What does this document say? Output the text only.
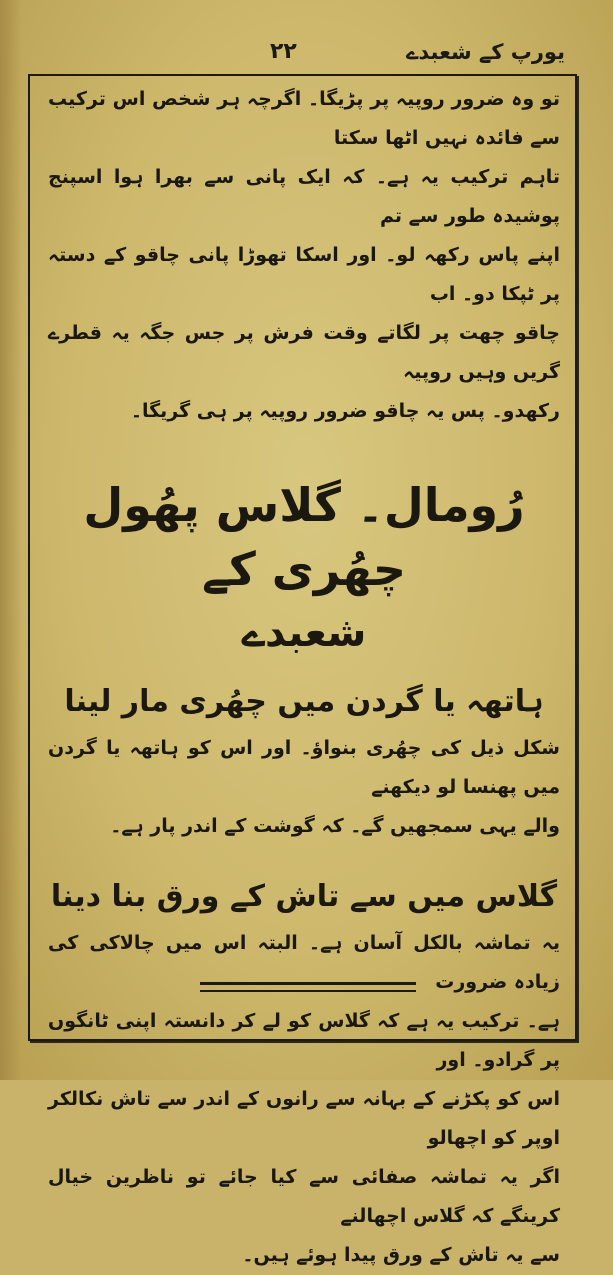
یورپ کے شعبدے
۲۲

تو وہ ضرور روپیہ پر پڑیگا۔ اگرچہ ہر شخص اس ترکیب سے فائدہ نہیں اٹھا سکتا

تاہم ترکیب یہ ہے۔ کہ ایک پانی سے بھرا ہوا اسپنج پوشیدہ طور سے تم

اپنے پاس رکھہ لو۔ اور اسکا تھوڑا پانی چاقو کے دستہ پر ٹپکا دو۔ اب

چاقو چھت پر لگاتے وقت فرش پر جس جگہ یہ قطرے گریں وہیں روپیہ

رکھدو۔ پس یہ چاقو ضرور روپیہ پر ہی گریگا۔

رُومال۔ گلاس پھُول چھُری کے
شعبدے
ہاتھہ یا گردن میں چھُری مار لینا

شکل ذیل کی چھُری بنواؤ۔ اور اس کو ہاتھہ یا گردن میں پھنسا لو دیکھنے

والے یہی سمجھیں گے۔ کہ گوشت کے اندر پار ہے۔

گلاس میں سے تاش کے ورق بنا دینا

یہ تماشہ بالکل آسان ہے۔ البتہ اس میں چالاکی کی زیادہ ضرورت

ہے۔ ترکیب یہ ہے کہ گلاس کو لے کر دانستہ اپنی ٹانگوں پر گرادو۔ اور

اس کو پکڑنے کے بہانہ سے رانوں کے اندر سے تاش نکالکر اوپر کو اچھالو

اگر یہ تماشہ صفائی سے کیا جائے تو ناظرین خیال کرینگے کہ گلاس اچھالنے

سے یہ تاش کے ورق پیدا ہوئے ہیں۔
